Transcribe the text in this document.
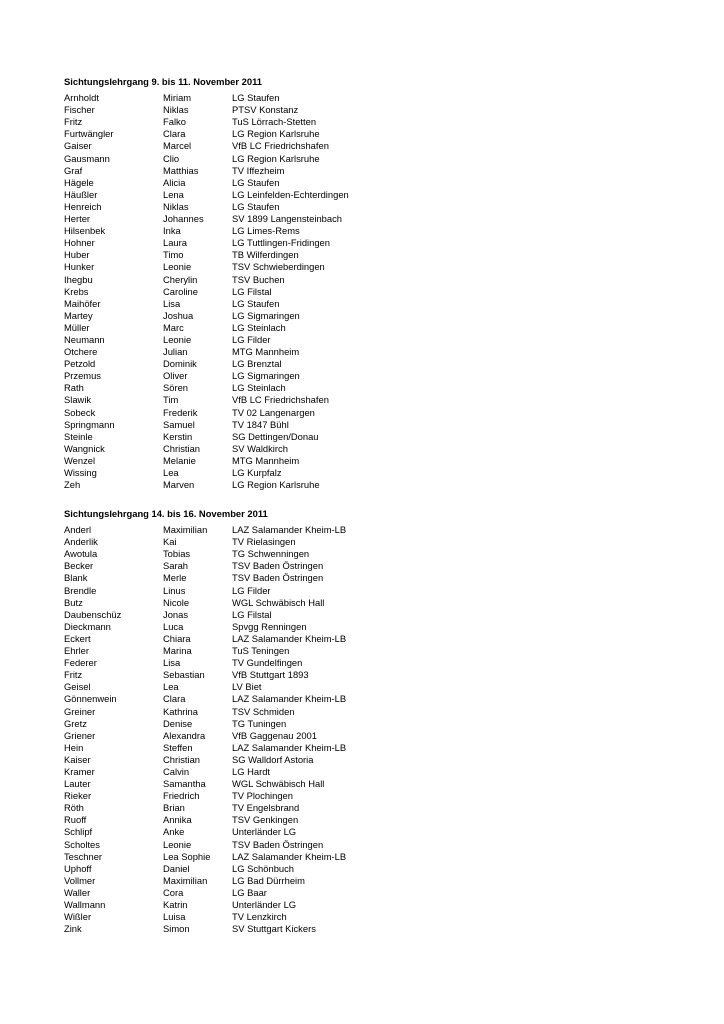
Sichtungslehrgang 9. bis 11. November 2011
Arnholdt	Miriam	LG Staufen
Fischer	Niklas	PTSV Konstanz
Fritz	Falko	TuS Lörrach-Stetten
Furtwängler	Clara	LG Region Karlsruhe
Gaiser	Marcel	VfB LC Friedrichshafen
Gausmann	Clio	LG Region Karlsruhe
Graf	Matthias	TV Iffezheim
Hägele	Alicia	LG Staufen
Häußler	Lena	LG Leinfelden-Echterdingen
Henreich	Niklas	LG Staufen
Herter	Johannes	SV 1899 Langensteinbach
Hilsenbek	Inka	LG Limes-Rems
Hohner	Laura	LG Tuttlingen-Fridingen
Huber	Timo	TB Wilferdingen
Hunker	Leonie	TSV Schwieberdingen
Ihegbu	Cherylin	TSV Buchen
Krebs	Caroline	LG Filstal
Maihöfer	Lisa	LG Staufen
Martey	Joshua	LG Sigmaringen
Müller	Marc	LG Steinlach
Neumann	Leonie	LG Filder
Otchere	Julian	MTG Mannheim
Petzold	Dominik	LG Brenztal
Przemus	Oliver	LG Sigmaringen
Rath	Sören	LG Steinlach
Slawik	Tim	VfB LC Friedrichshafen
Sobeck	Frederik	TV 02 Langenargen
Springmann	Samuel	TV 1847 Bühl
Steinle	Kerstin	SG Dettingen/Donau
Wangnick	Christian	SV Waldkirch
Wenzel	Melanie	MTG Mannheim
Wissing	Lea	LG Kurpfalz
Zeh	Marven	LG Region Karlsruhe
Sichtungslehrgang 14. bis 16. November 2011
Anderl	Maximilian	LAZ Salamander Kheim-LB
Anderlik	Kai	TV Rielasingen
Awotula	Tobias	TG Schwenningen
Becker	Sarah	TSV Baden Östringen
Blank	Merle	TSV Baden Östringen
Brendle	Linus	LG Filder
Butz	Nicole	WGL Schwäbisch Hall
Daubenschüz	Jonas	LG Filstal
Dieckmann	Luca	Spvgg Renningen
Eckert	Chiara	LAZ Salamander Kheim-LB
Ehrler	Marina	TuS Teningen
Federer	Lisa	TV Gundelfingen
Fritz	Sebastian	VfB Stuttgart 1893
Geisel	Lea	LV Biet
Gönnenwein	Clara	LAZ Salamander Kheim-LB
Greiner	Kathrina	TSV Schmiden
Gretz	Denise	TG Tuningen
Griener	Alexandra	VfB Gaggenau 2001
Hein	Steffen	LAZ Salamander Kheim-LB
Kaiser	Christian	SG Walldorf Astoria
Kramer	Calvin	LG Hardt
Lauter	Samantha	WGL Schwäbisch Hall
Rieker	Friedrich	TV Plochingen
Röth	Brian	TV Engelsbrand
Ruoff	Annika	TSV Genkingen
Schlipf	Anke	Unterländer LG
Scholtes	Leonie	TSV Baden Östringen
Teschner	Lea Sophie	LAZ Salamander Kheim-LB
Uphoff	Daniel	LG Schönbuch
Vollmer	Maximilian	LG Bad Dürrheim
Waller	Cora	LG Baar
Wallmann	Katrin	Unterländer LG
Wißler	Luisa	TV Lenzkirch
Zink	Simon	SV Stuttgart Kickers
